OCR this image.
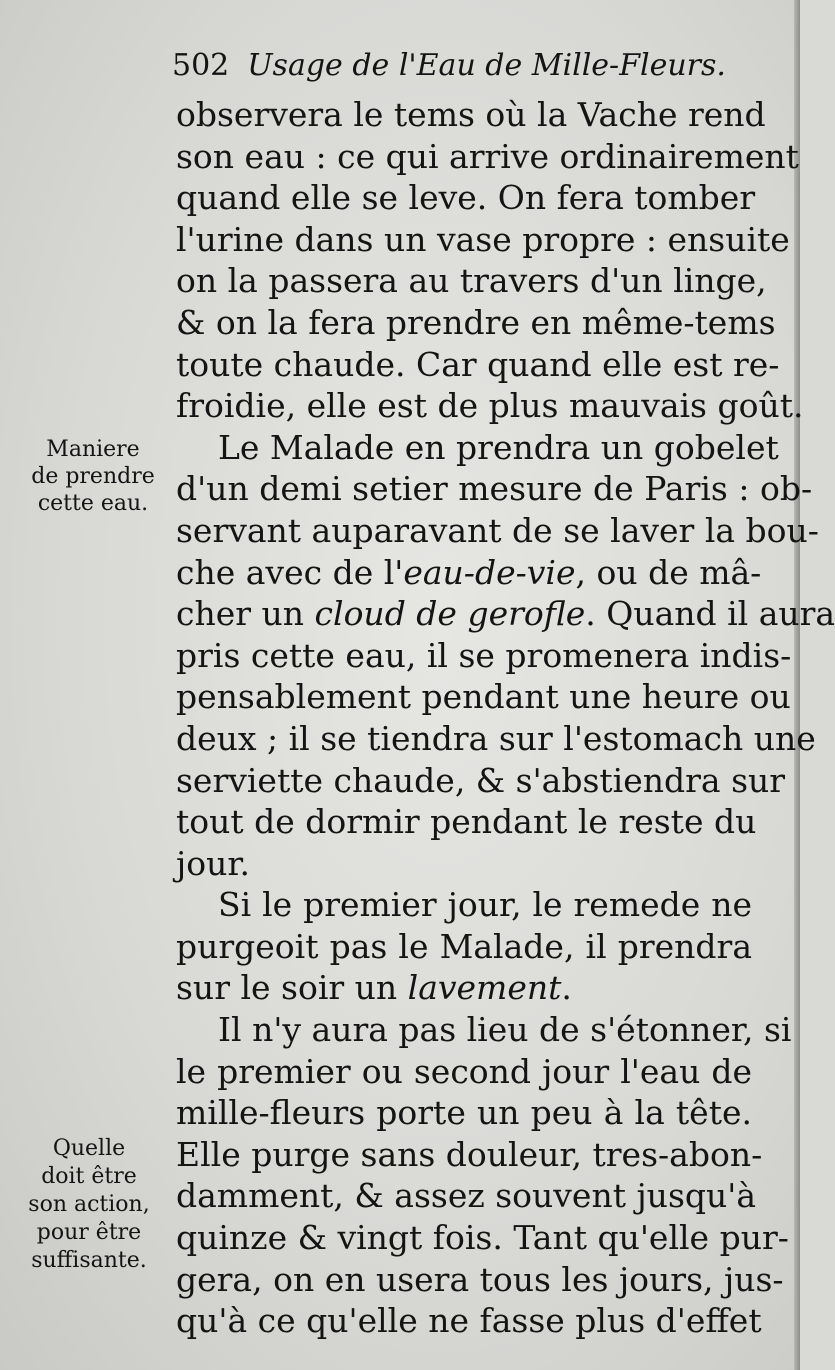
502 Usage de l'Eau de Mille-Fleurs.
Maniere
de prendre
cette eau.
Quelle
doit être
son action,
pour être
suffisante.
observera le tems où la Vache rend
son eau : ce qui arrive ordinairement
quand elle se leve. On fera tomber
l'urine dans un vase propre : ensuite
on la passera au travers d'un linge,
& on la fera prendre en même-tems
toute chaude. Car quand elle est re-
froidie, elle est de plus mauvais goût.
Le Malade en prendra un gobelet
d'un demi setier mesure de Paris : ob-
servant auparavant de se laver la bou-
che avec de l'eau-de-vie, ou de mâ-
cher un cloud de gerofle. Quand il aura
pris cette eau, il se promenera indis-
pensablement pendant une heure ou
deux ; il se tiendra sur l'estomach une
serviette chaude, & s'abstiendra sur
tout de dormir pendant le reste du
jour.
Si le premier jour, le remede ne
purgeoit pas le Malade, il prendra
sur le soir un lavement.
Il n'y aura pas lieu de s'étonner, si
le premier ou second jour l'eau de
mille-fleurs porte un peu à la tête.
Elle purge sans douleur, tres-abon-
damment, & assez souvent jusqu'à
quinze & vingt fois. Tant qu'elle pur-
gera, on en usera tous les jours, jus-
qu'à ce qu'elle ne fasse plus d'effet
